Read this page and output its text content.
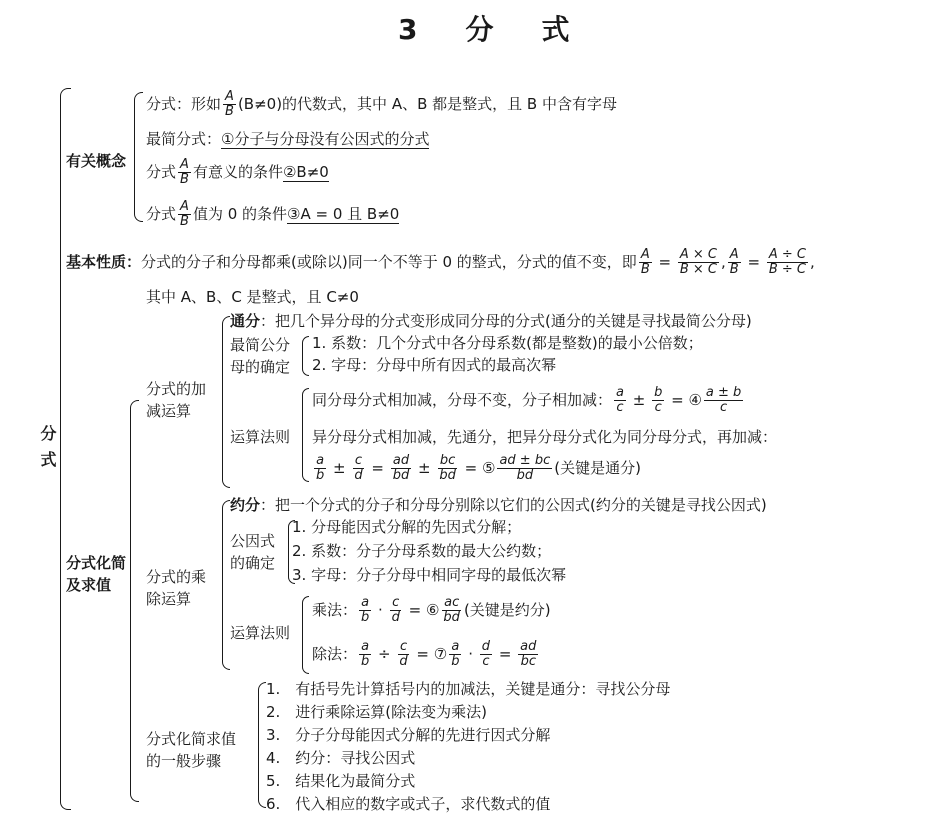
3　分　式
分式
有关概念
分式：形如 $\frac{A}{B} (B\ne 0)$的代数式，其中 A、B 都是整式，且 B 中含有字母
最简分式：①分子与分母没有公因式的分式
分式 $\frac{A}{B}$ 有意义的条件②B≠0
分式 $\frac{A}{B}$ 值为 0 的条件③A = 0 且 B≠0
基本性质：分式的分子和分母都乘(或除以)同一个不等于 0 的整式，分式的值不变，即 $\frac{A}{B} = \frac{A \times C}{B \times C}$ , $\frac{A}{B} = \frac{A \div C}{B \div C}$ ,
其中 A、B、C 是整式，且 C≠0
分式化简
及求值
分式的加
减运算
通分：把几个异分母的分式变形成同分母的分式(通分的关键是寻找最简公分母)
最简公分
母的确定
1. 系数：几个分式中各分母系数(都是整数)的最小公倍数；
2. 字母：分母中所有因式的最高次幂
运算法则
同分母分式相加减，分母不变，分子相加减： $\frac{a}{c} \pm \frac{b}{c}$ = ④ $\frac{a \pm b}{c}$
异分母分式相加减，先通分，把异分母分式化为同分母分式，再加减：
$\frac{a}{b} \pm \frac{c}{d} = \frac{ad}{bd} \pm \frac{bc}{bd}$ = ⑤ $\frac{ad \pm bc}{bd}$ (关键是通分)
分式的乘
除运算
约分：把一个分式的分子和分母分别除以它们的公因式(约分的关键是寻找公因式)
公因式
的确定
1. 分母能因式分解的先因式分解；
2. 系数：分子分母系数的最大公约数；
3. 字母：分子分母中相同字母的最低次幂
运算法则
乘法： $\frac{a}{b} \cdot \frac{c}{d}$ = ⑥ $\frac{ac}{bd}$ (关键是约分)
除法： $\frac{a}{b} \div \frac{c}{d}$ = ⑦ $\frac{a}{b} \cdot \frac{d}{c} = \frac{ad}{bc}$
分式化简求值
的一般步骤
1.　有括号先计算括号内的加减法，关键是通分：寻找公分母
2.　进行乘除运算(除法变为乘法)
3.　分子分母能因式分解的先进行因式分解
4.　约分：寻找公因式
5.　结果化为最简分式
6.　代入相应的数字或式子，求代数式的值
